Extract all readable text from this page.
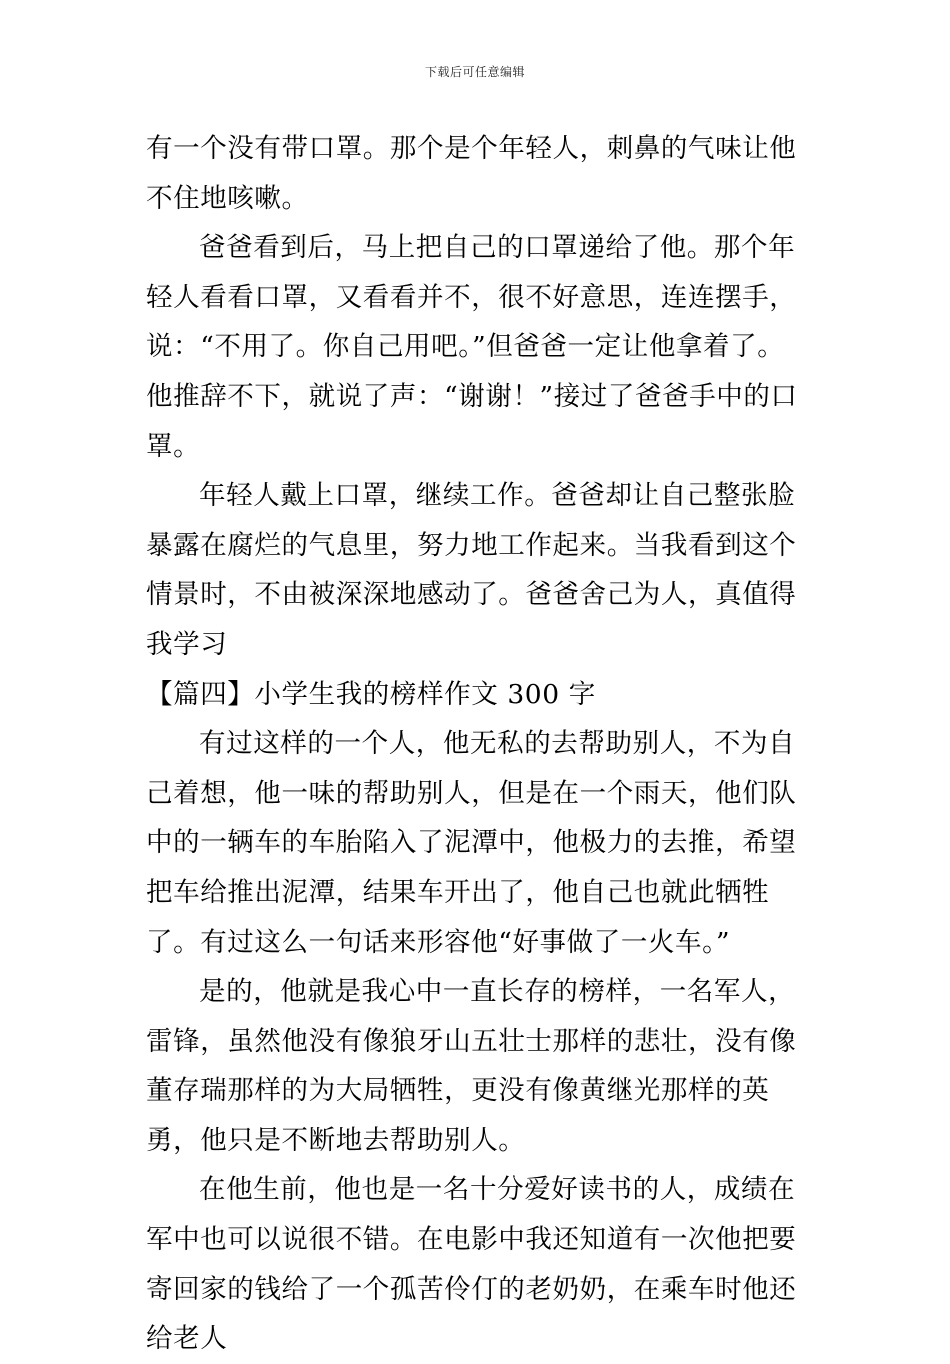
下载后可任意编辑

有一个没有带口罩。那个是个年轻人，刺鼻的气味让他不住地咳嗽。

爸爸看到后，马上把自己的口罩递给了他。那个年轻人看看口罩，又看看并不，很不好意思，连连摆手，说：“不用了。你自己用吧。”但爸爸一定让他拿着了。他推辞不下，就说了声：“谢谢！”接过了爸爸手中的口罩。

年轻人戴上口罩，继续工作。爸爸却让自己整张脸暴露在腐烂的气息里，努力地工作起来。当我看到这个情景时，不由被深深地感动了。爸爸舍己为人，真值得我学习

【篇四】小学生我的榜样作文 300 字

有过这样的一个人，他无私的去帮助别人，不为自己着想，他一味的帮助别人，但是在一个雨天，他们队中的一辆车的车胎陷入了泥潭中，他极力的去推，希望把车给推出泥潭，结果车开出了，他自己也就此牺牲了。有过这么一句话来形容他“好事做了一火车。”

是的，他就是我心中一直长存的榜样，一名军人，雷锋，虽然他没有像狼牙山五壮士那样的悲壮，没有像董存瑞那样的为大局牺牲，更没有像黄继光那样的英勇，他只是不断地去帮助别人。

在他生前，他也是一名十分爱好读书的人，成绩在军中也可以说很不错。在电影中我还知道有一次他把要寄回家的钱给了一个孤苦伶仃的老奶奶，在乘车时他还给老人
